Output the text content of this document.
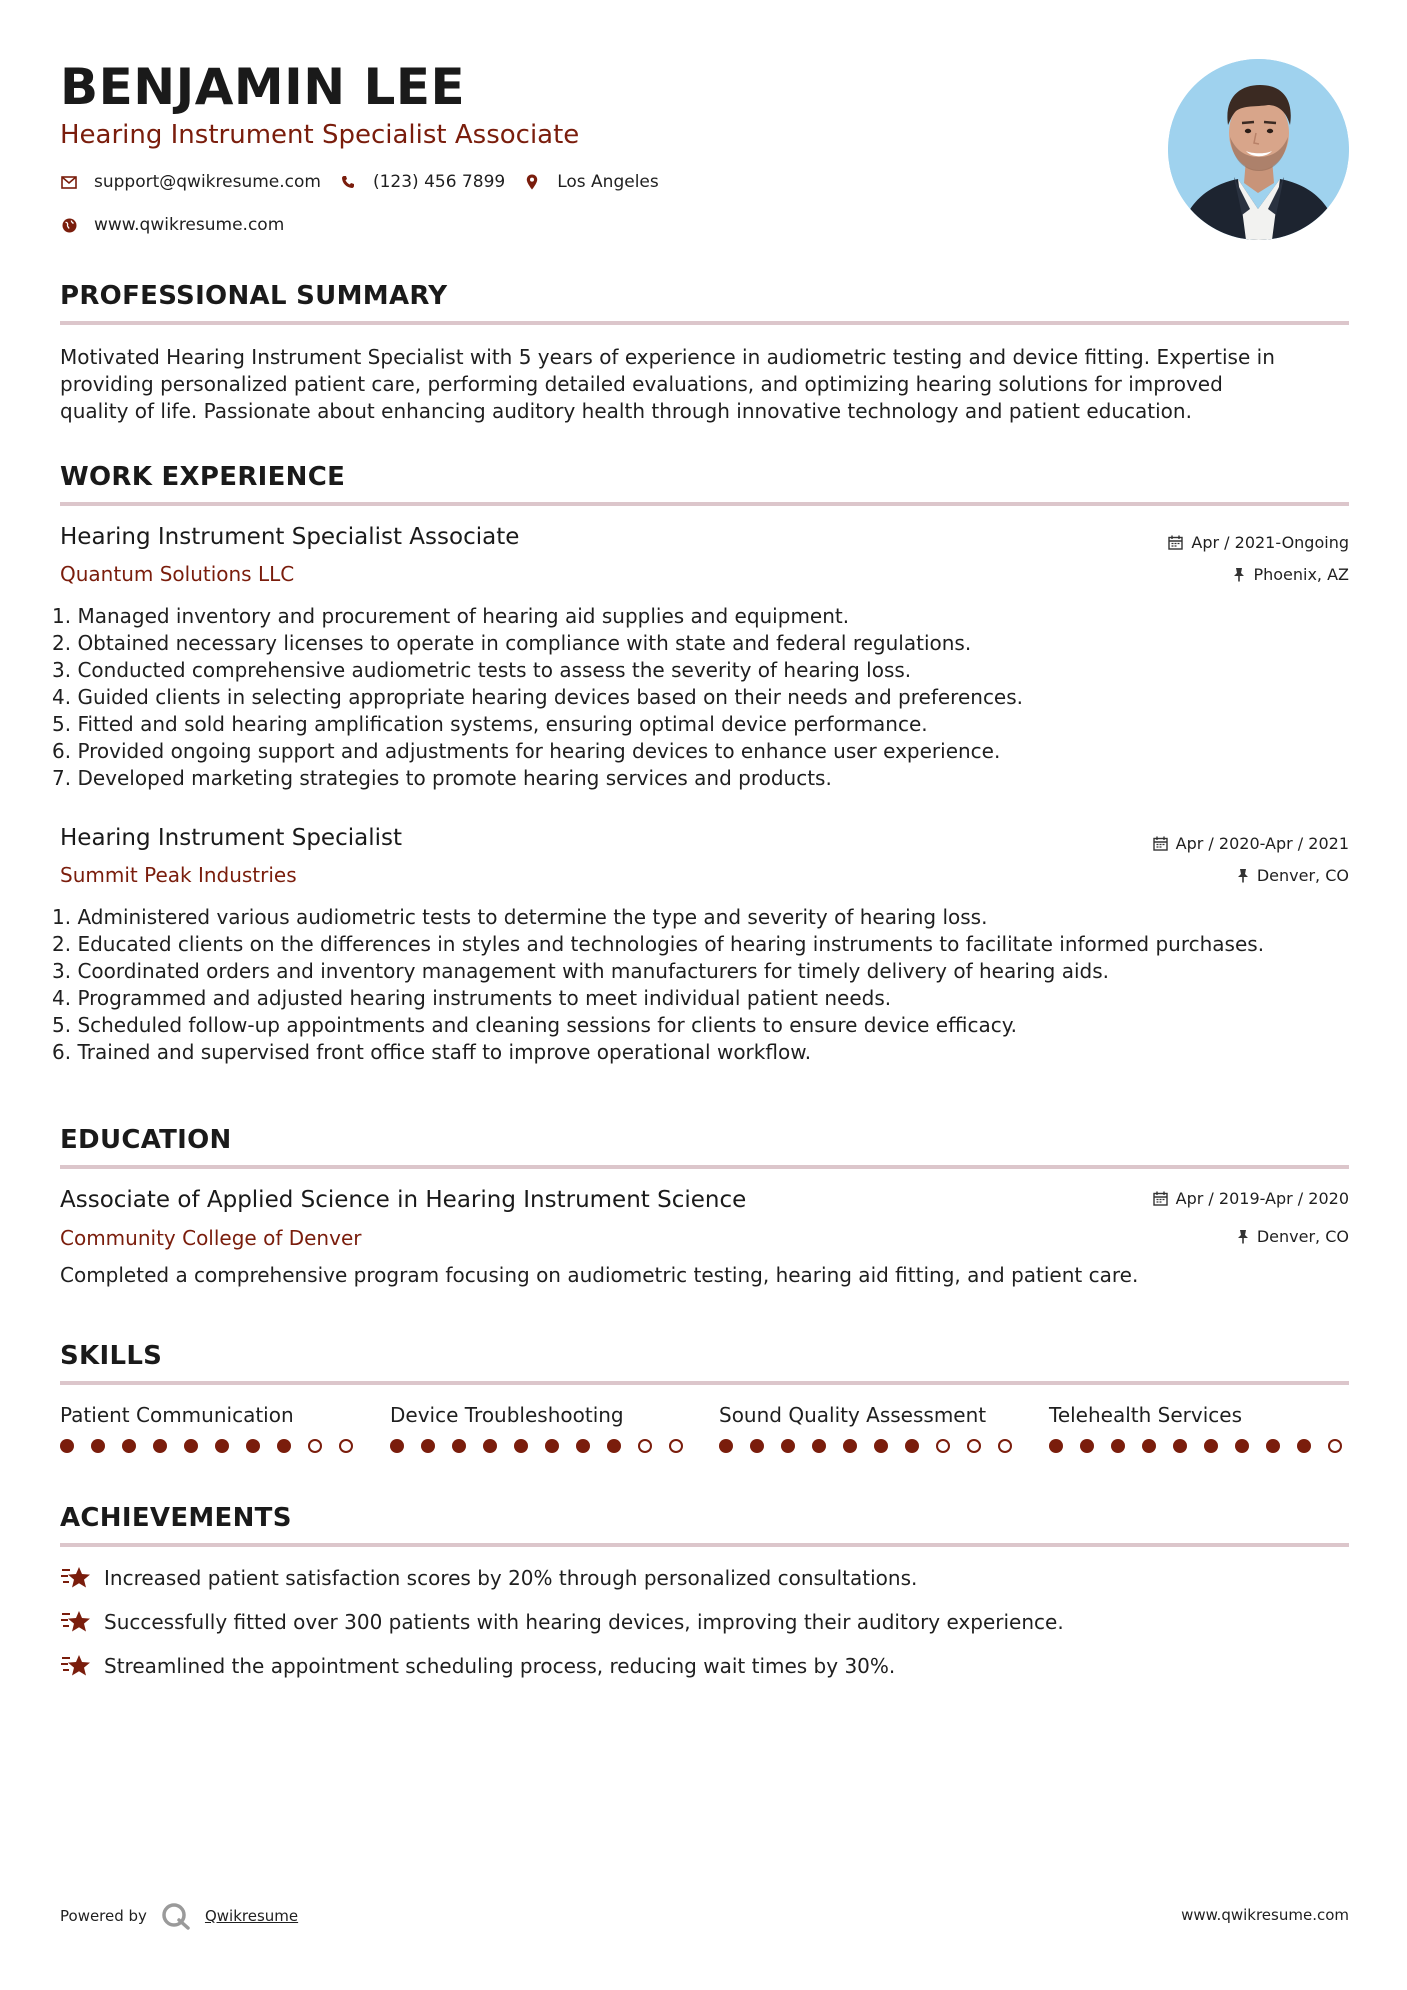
BENJAMIN LEE
Hearing Instrument Specialist Associate
support@qwikresume.com	(123) 456 7899	Los Angeles
www.qwikresume.com
PROFESSIONAL SUMMARY
Motivated Hearing Instrument Specialist with 5 years of experience in audiometric testing and device fitting. Expertise in
providing personalized patient care, performing detailed evaluations, and optimizing hearing solutions for improved
quality of life. Passionate about enhancing auditory health through innovative technology and patient education.
WORK EXPERIENCE
Hearing Instrument Specialist Associate
Quantum Solutions LLC
Apr / 2021-Ongoing
Phoenix, AZ
1. Managed inventory and procurement of hearing aid supplies and equipment.
2. Obtained necessary licenses to operate in compliance with state and federal regulations.
3. Conducted comprehensive audiometric tests to assess the severity of hearing loss.
4. Guided clients in selecting appropriate hearing devices based on their needs and preferences.
5. Fitted and sold hearing amplification systems, ensuring optimal device performance.
6. Provided ongoing support and adjustments for hearing devices to enhance user experience.
7. Developed marketing strategies to promote hearing services and products.
Hearing Instrument Specialist
Summit Peak Industries
Apr / 2020-Apr / 2021
Denver, CO
1. Administered various audiometric tests to determine the type and severity of hearing loss.
2. Educated clients on the differences in styles and technologies of hearing instruments to facilitate informed purchases.
3. Coordinated orders and inventory management with manufacturers for timely delivery of hearing aids.
4. Programmed and adjusted hearing instruments to meet individual patient needs.
5. Scheduled follow-up appointments and cleaning sessions for clients to ensure device efficacy.
6. Trained and supervised front office staff to improve operational workflow.
EDUCATION
Associate of Applied Science in Hearing Instrument Science
Community College of Denver
Apr / 2019-Apr / 2020
Denver, CO
Completed a comprehensive program focusing on audiometric testing, hearing aid fitting, and patient care.
SKILLS
Patient Communication	Device Troubleshooting	Sound Quality Assessment	Telehealth Services
ACHIEVEMENTS
Increased patient satisfaction scores by 20% through personalized consultations.
Successfully fitted over 300 patients with hearing devices, improving their auditory experience.
Streamlined the appointment scheduling process, reducing wait times by 30%.
Powered by	Qwikresume	www.qwikresume.com
